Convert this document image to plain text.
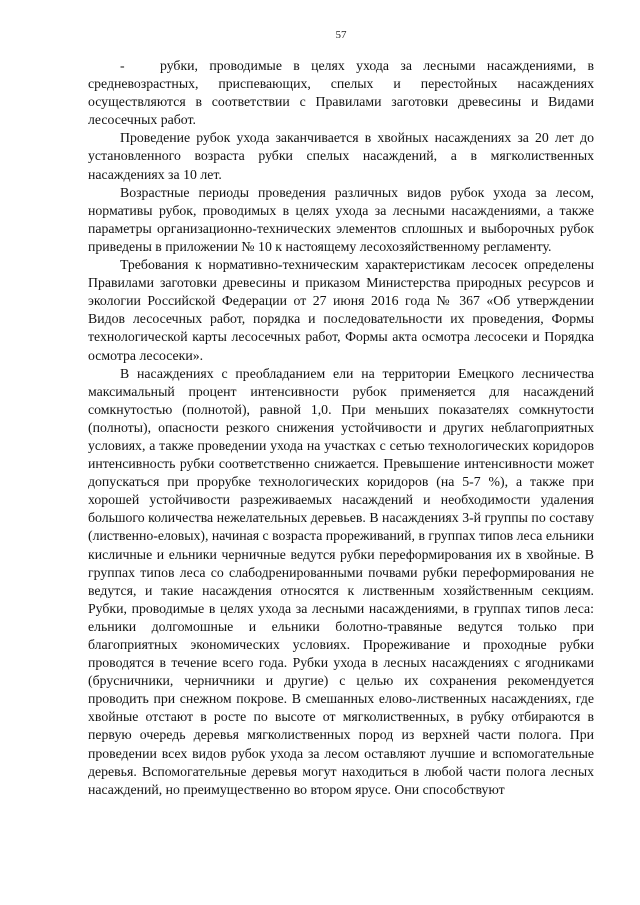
57

-	рубки, проводимые в целях ухода за лесными насаждениями, в средневозрастных, приспевающих, спелых и перестойных насаждениях осуществляются в соответствии с Правилами заготовки древесины и Видами лесосечных работ.

Проведение рубок ухода заканчивается в хвойных насаждениях за 20 лет до установленного возраста рубки спелых насаждений, а в мягколиственных насаждениях за 10 лет.

Возрастные периоды проведения различных видов рубок ухода за лесом, нормативы рубок, проводимых в целях ухода за лесными насаждениями, а также параметры организационно-технических элементов сплошных и выборочных рубок приведены в приложении № 10 к настоящему лесохозяйственному регламенту.

Требования к нормативно-техническим характеристикам лесосек определены Правилами заготовки древесины и приказом Министерства природных ресурсов и экологии Российской Федерации от 27 июня 2016 года № 367 «Об утверждении Видов лесосечных работ, порядка и последовательности их проведения, Формы технологической карты лесосечных работ, Формы акта осмотра лесосеки и Порядка осмотра лесосеки».

В насаждениях с преобладанием ели на территории Емецкого лесничества максимальный процент интенсивности рубок применяется для насаждений сомкнутостью (полнотой), равной 1,0. При меньших показателях сомкнутости (полноты), опасности резкого снижения устойчивости и других неблагоприятных условиях, а также проведении ухода на участках с сетью технологических коридоров интенсивность рубки соответственно снижается. Превышение интенсивности может допускаться при прорубке технологических коридоров (на 5-7 %), а также при хорошей устойчивости разреживаемых насаждений и необходимости удаления большого количества нежелательных деревьев. В насаждениях 3-й группы по составу (лиственно-еловых), начиная с возраста прореживаний, в группах типов леса ельники кисличные и ельники черничные ведутся рубки переформирования их в хвойные. В группах типов леса со слабодренированными почвами рубки переформирования не ведутся, и такие насаждения относятся к лиственным хозяйственным секциям. Рубки, проводимые в целях ухода за лесными насаждениями, в группах типов леса: ельники долгомошные и ельники болотно-травяные ведутся только при благоприятных экономических условиях. Прореживание и проходные рубки проводятся в течение всего года. Рубки ухода в лесных насаждениях с ягодниками (брусничники, черничники и другие) с целью их сохранения рекомендуется проводить при снежном покрове. В смешанных елово-лиственных насаждениях, где хвойные отстают в росте по высоте от мягколиственных, в рубку отбираются в первую очередь деревья мягколиственных пород из верхней части полога. При проведении всех видов рубок ухода за лесом оставляют лучшие и вспомогательные деревья. Вспомогательные деревья могут находиться в любой части полога лесных насаждений, но преимущественно во втором ярусе. Они способствуют
